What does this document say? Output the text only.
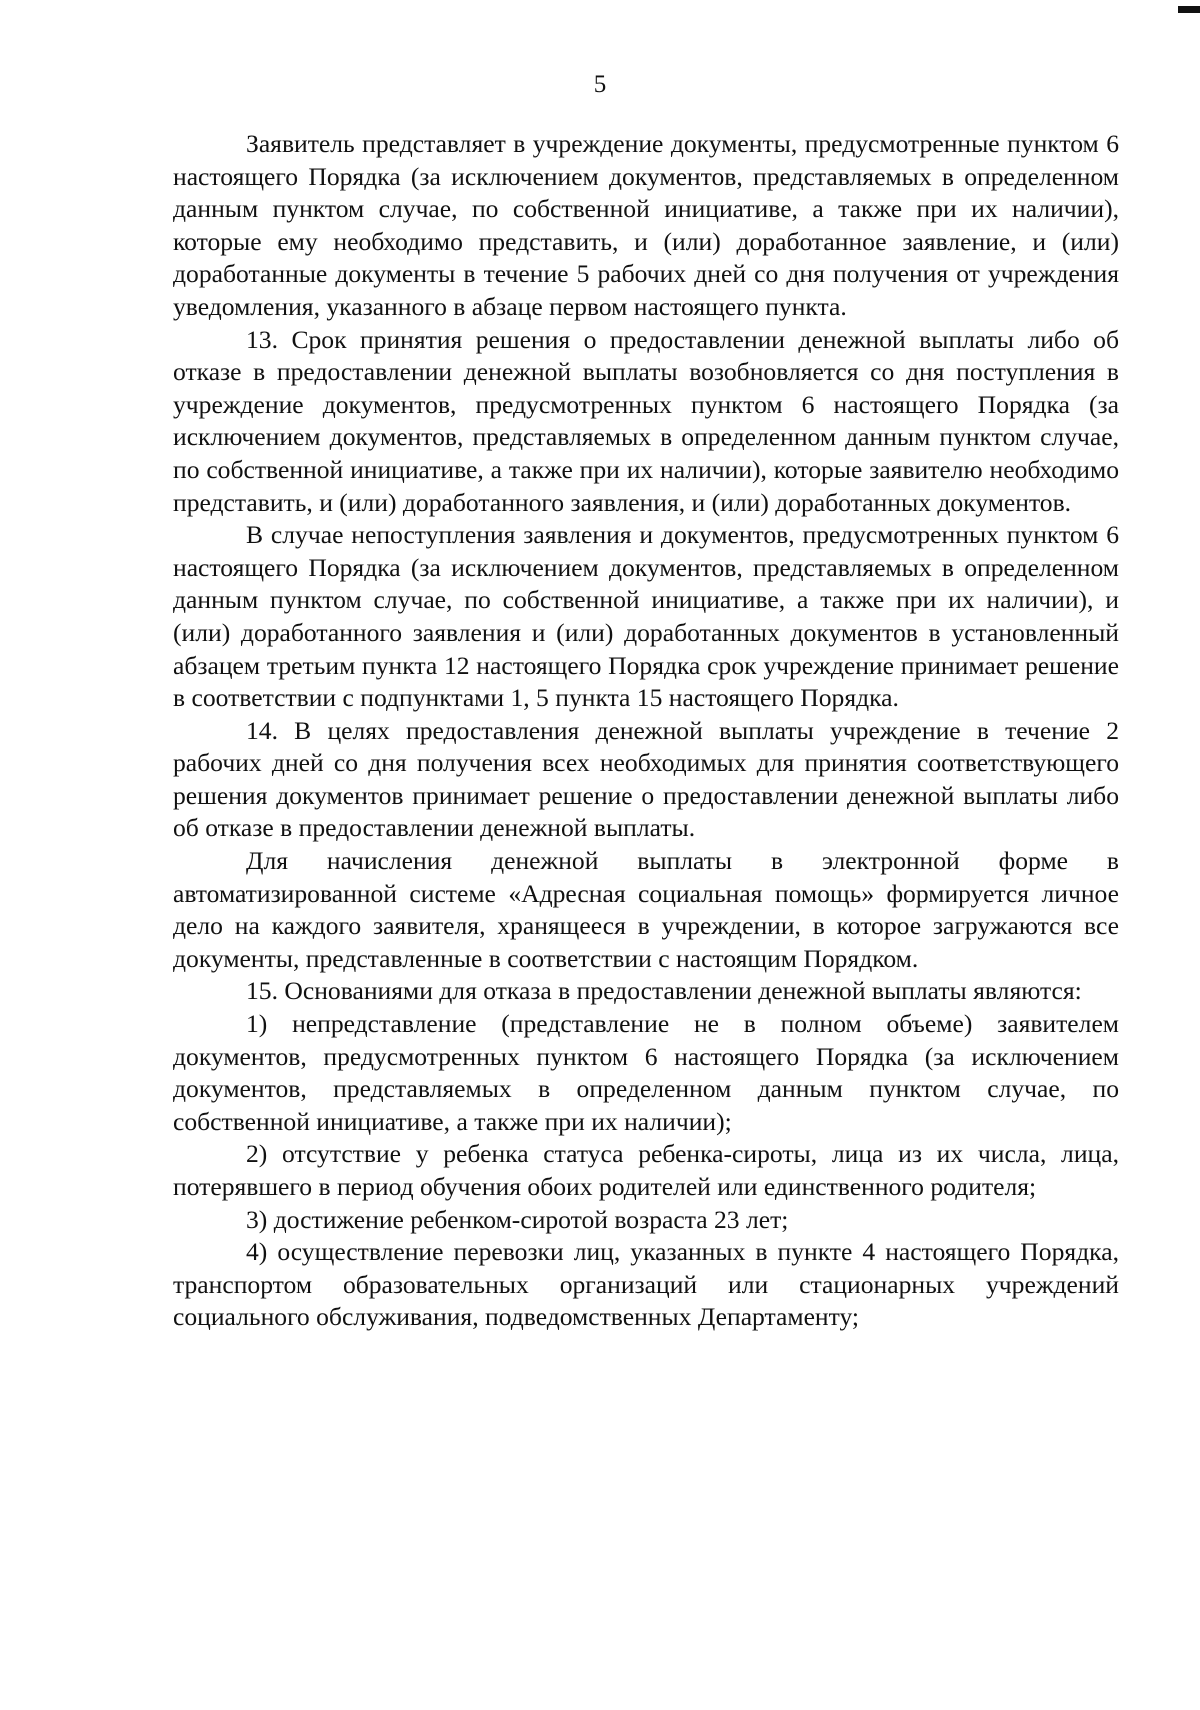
5

Заявитель представляет в учреждение документы, предусмотренные пунктом 6 настоящего Порядка (за исключением документов, представляемых в определенном данным пунктом случае, по собственной инициативе, а также при их наличии), которые ему необходимо представить, и (или) доработанное заявление, и (или) доработанные документы в течение 5 рабочих дней со дня получения от учреждения уведомления, указанного в абзаце первом настоящего пункта.

13. Срок принятия решения о предоставлении денежной выплаты либо об отказе в предоставлении денежной выплаты возобновляется со дня поступления в учреждение документов, предусмотренных пунктом 6 настоящего Порядка (за исключением документов, представляемых в определенном данным пунктом случае, по собственной инициативе, а также при их наличии), которые заявителю необходимо представить, и (или) доработанного заявления, и (или) доработанных документов.

В случае непоступления заявления и документов, предусмотренных пунктом 6 настоящего Порядка (за исключением документов, представляемых в определенном данным пунктом случае, по собственной инициативе, а также при их наличии), и (или) доработанного заявления и (или) доработанных документов в установленный абзацем третьим пункта 12 настоящего Порядка срок учреждение принимает решение в соответствии с подпунктами 1, 5 пункта 15 настоящего Порядка.

14. В целях предоставления денежной выплаты учреждение в течение 2 рабочих дней со дня получения всех необходимых для принятия соответствующего решения документов принимает решение о предоставлении денежной выплаты либо об отказе в предоставлении денежной выплаты.

Для начисления денежной выплаты в электронной форме в автоматизированной системе «Адресная социальная помощь» формируется личное дело на каждого заявителя, хранящееся в учреждении, в которое загружаются все документы, представленные в соответствии с настоящим Порядком.

15. Основаниями для отказа в предоставлении денежной выплаты являются:

1) непредставление (представление не в полном объеме) заявителем документов, предусмотренных пунктом 6 настоящего Порядка (за исключением документов, представляемых в определенном данным пунктом случае, по собственной инициативе, а также при их наличии);

2) отсутствие у ребенка статуса ребенка-сироты, лица из их числа, лица, потерявшего в период обучения обоих родителей или единственного родителя;

3) достижение ребенком-сиротой возраста 23 лет;

4) осуществление перевозки лиц, указанных в пункте 4 настоящего Порядка, транспортом образовательных организаций или стационарных учреждений социального обслуживания, подведомственных Департаменту;
